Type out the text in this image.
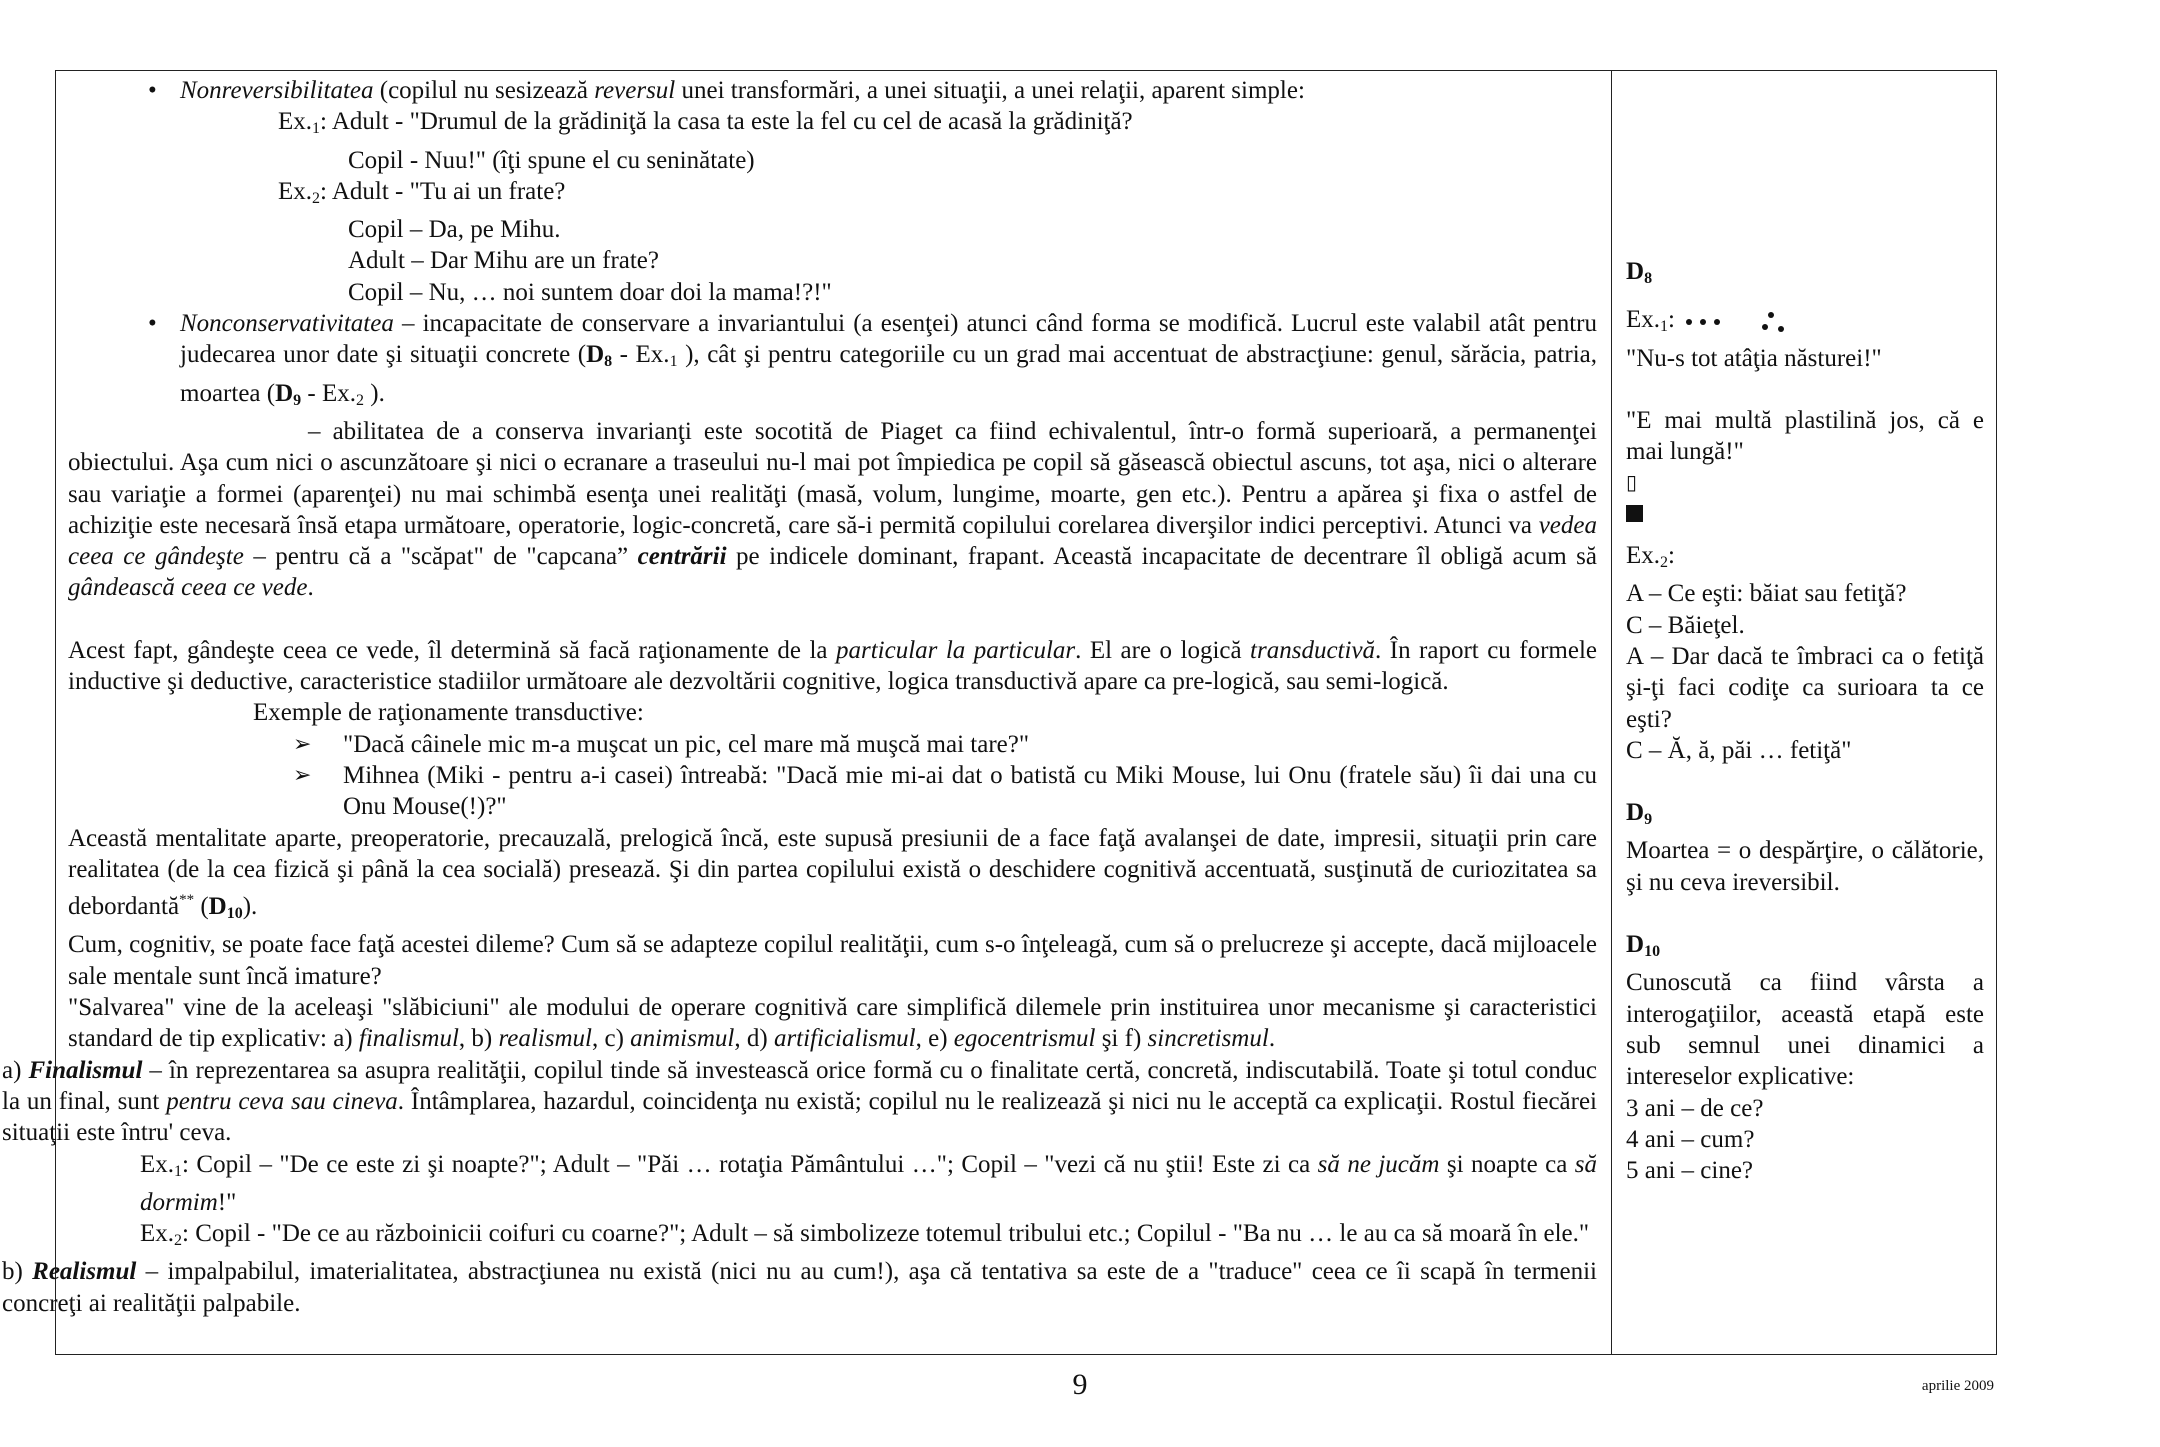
• Nonreversibilitatea (copilul nu sesizează reversul unei transformări, a unei situaţii, a unei relaţii, aparent simple:

$Ex._1$: Adult - "Drumul de la grădiniţă la casa ta este la fel cu cel de acasă la grădiniţă?

Copil - Nuu!" (îţi spune el cu seninătate)

$Ex._2$: Adult - "Tu ai un frate?

Copil – Da, pe Mihu.

Adult – Dar Mihu are un frate?

Copil – Nu, … noi suntem doar doi la mama!?!"

• Nonconservativitatea – incapacitate de conservare a invariantului (a esenţei) atunci când forma se modifică. Lucrul este valabil atât pentru judecarea unor date şi situaţii concrete ($D_8 - Ex._1$ ), cât şi pentru categoriile cu un grad mai accentuat de abstracţiune: genul, sărăcia, patria, moartea ($D_9 - Ex._2$ ).

– abilitatea de a conserva invarianţi este socotită de Piaget ca fiind echivalentul, într-o formă superioară, a permanenţei obiectului. Aşa cum nici o ascunzătoare şi nici o ecranare a traseului nu-l mai pot împiedica pe copil să găsească obiectul ascuns, tot aşa, nici o alterare sau variaţie a formei (aparenţei) nu mai schimbă esenţa unei realităţi (masă, volum, lungime, moarte, gen etc.). Pentru a apărea şi fixa o astfel de achiziţie este necesară însă etapa următoare, operatorie, logic-concretă, care să-i permită copilului corelarea diverşilor indici perceptivi. Atunci va vedea ceea ce gândeşte – pentru că a "scăpat" de "capcana” centrării pe indicele dominant, frapant. Această incapacitate de decentrare îl obligă acum să gândească ceea ce vede.

Acest fapt, gândeşte ceea ce vede, îl determină să facă raţionamente de la particular la particular. El are o logică transductivă. În raport cu formele inductive şi deductive, caracteristice stadiilor următoare ale dezvoltării cognitive, logica transductivă apare ca pre-logică, sau semi-logică.

Exemple de raţionamente transductive:

➢ "Dacă câinele mic m-a muşcat un pic, cel mare mă muşcă mai tare?"

➢ Mihnea (Miki - pentru a-i casei) întreabă: "Dacă mie mi-ai dat o batistă cu Miki Mouse, lui Onu (fratele său) îi dai una cu Onu Mouse(!)?"

Această mentalitate aparte, preoperatorie, precauzală, prelogică încă, este supusă presiunii de a face faţă avalanşei de date, impresii, situaţii prin care realitatea (de la cea fizică şi până la cea socială) presează. Şi din partea copilului există o deschidere cognitivă accentuată, susţinută de curiozitatea sa debordantă** $(D_{10})$.

Cum, cognitiv, se poate face faţă acestei dileme? Cum să se adapteze copilul realităţii, cum s-o înţeleagă, cum să o prelucreze şi accepte, dacă mijloacele sale mentale sunt încă imature?

"Salvarea" vine de la aceleaşi "slăbiciuni" ale modului de operare cognitivă care simplifică dilemele prin instituirea unor mecanisme şi caracteristici standard de tip explicativ: a) finalismul, b) realismul, c) animismul, d) artificialismul, e) egocentrismul şi f) sincretismul.

a) Finalismul – în reprezentarea sa asupra realităţii, copilul tinde să investească orice formă cu o finalitate certă, concretă, indiscutabilă. Toate şi totul conduc la un final, sunt pentru ceva sau cineva. Întâmplarea, hazardul, coincidenţa nu există; copilul nu le realizează şi nici nu le acceptă ca explicaţii. Rostul fiecărei situaţii este întru' ceva.

$Ex._1$: Copil – "De ce este zi şi noapte?"; Adult – "Păi … rotaţia Pământului …"; Copil – "vezi că nu ştii! Este zi ca să ne jucăm şi noapte ca să dormim!"

$Ex._2$: Copil - "De ce au războinicii coifuri cu coarne?"; Adult – să simbolizeze totemul tribului etc.; Copilul - "Ba nu … le au ca să moară în ele."

b) Realismul – impalpabilul, imaterialitatea, abstracţiunea nu există (nici nu au cum!), aşa că tentativa sa este de a "traduce" ceea ce îi scapă în termenii concreţi ai realităţii palpabile.

$D_8$

$Ex._1$:

"Nu-s tot atâţia năsturei!"

"E mai multă plastilină jos, că e mai lungă!"

▯

$Ex._2$:

A – Ce eşti: băiat sau fetiţă?

C – Băieţel.

A – Dar dacă te îmbraci ca o fetiţă şi-ţi faci codiţe ca surioara ta ce eşti?

C – Ă, ă, păi … fetiţă"

$D_9$

Moartea = o despărţire, o călătorie, şi nu ceva ireversibil.

$D_{10}$

Cunoscută ca fiind vârsta a interogaţiilor, această etapă este sub semnul unei dinamici a intereselor explicative:

3 ani – de ce?

4 ani – cum?

5 ani – cine?

9	aprilie 2009
